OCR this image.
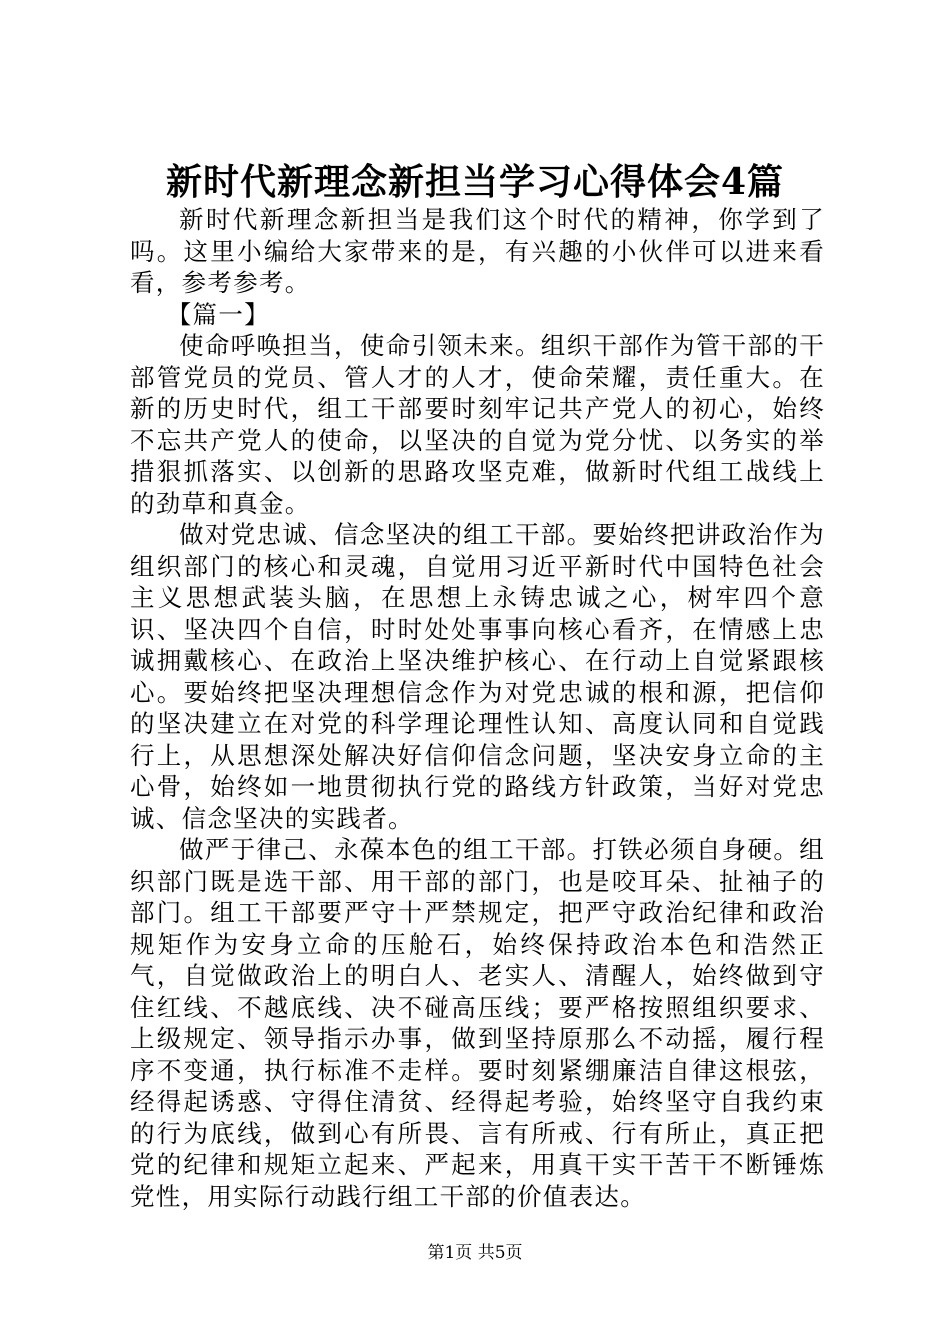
新时代新理念新担当学习心得体会4篇

新时代新理念新担当是我们这个时代的精神，你学到了吗。这里小编给大家带来的是，有兴趣的小伙伴可以进来看看，参考参考。

【篇一】

使命呼唤担当，使命引领未来。组织干部作为管干部的干部管党员的党员、管人才的人才，使命荣耀，责任重大。在新的历史时代，组工干部要时刻牢记共产党人的初心，始终不忘共产党人的使命，以坚决的自觉为党分忧、以务实的举措狠抓落实、以创新的思路攻坚克难，做新时代组工战线上的劲草和真金。

做对党忠诚、信念坚决的组工干部。要始终把讲政治作为组织部门的核心和灵魂，自觉用习近平新时代中国特色社会主义思想武装头脑，在思想上永铸忠诚之心，树牢四个意识、坚决四个自信，时时处处事事向核心看齐，在情感上忠诚拥戴核心、在政治上坚决维护核心、在行动上自觉紧跟核心。要始终把坚决理想信念作为对党忠诚的根和源，把信仰的坚决建立在对党的科学理论理性认知、高度认同和自觉践行上，从思想深处解决好信仰信念问题，坚决安身立命的主心骨，始终如一地贯彻执行党的路线方针政策，当好对党忠诚、信念坚决的实践者。

做严于律己、永葆本色的组工干部。打铁必须自身硬。组织部门既是选干部、用干部的部门，也是咬耳朵、扯袖子的部门。组工干部要严守十严禁规定，把严守政治纪律和政治规矩作为安身立命的压舱石，始终保持政治本色和浩然正气，自觉做政治上的明白人、老实人、清醒人，始终做到守住红线、不越底线、决不碰高压线；要严格按照组织要求、上级规定、领导指示办事，做到坚持原那么不动摇，履行程序不变通，执行标准不走样。要时刻紧绷廉洁自律这根弦，经得起诱惑、守得住清贫、经得起考验，始终坚守自我约束的行为底线，做到心有所畏、言有所戒、行有所止，真正把党的纪律和规矩立起来、严起来，用真干实干苦干不断锤炼党性，用实际行动践行组工干部的价值表达。

第1页 共5页
